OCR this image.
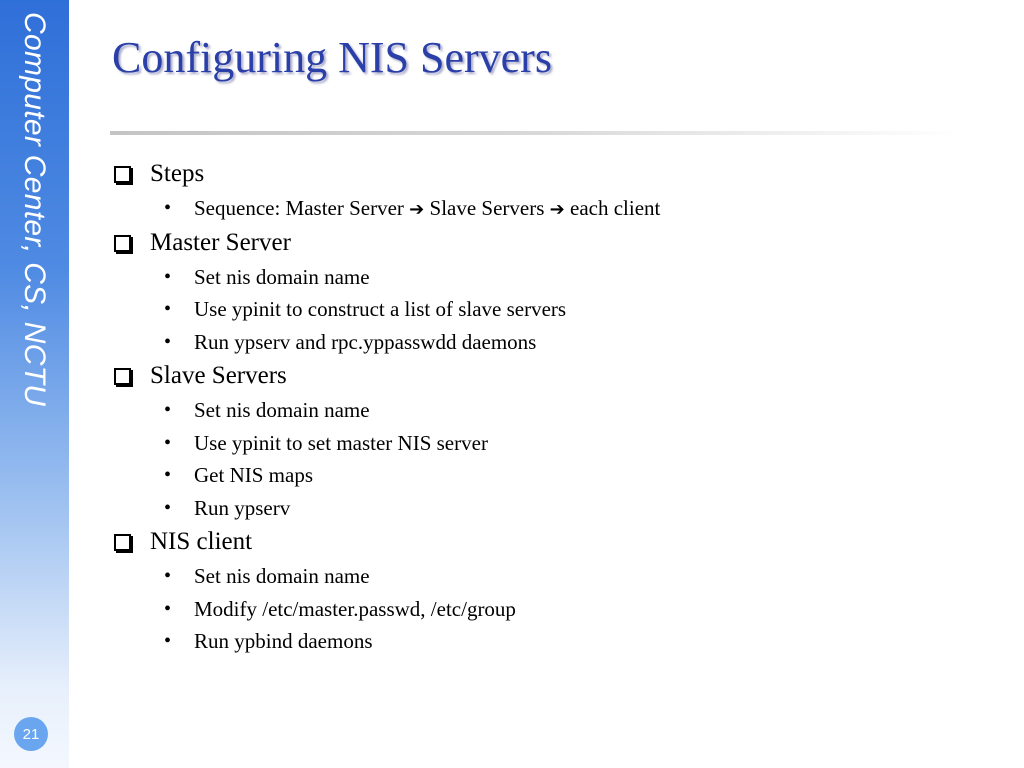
Computer Center, CS, NCTU
21
Configuring NIS Servers
Steps
• Sequence: Master Server ➔ Slave Servers ➔ each client
Master Server
• Set nis domain name
• Use ypinit to construct a list of slave servers
• Run ypserv and rpc.yppasswdd daemons
Slave Servers
• Set nis domain name
• Use ypinit to set master NIS server
• Get NIS maps
• Run ypserv
NIS client
• Set nis domain name
• Modify /etc/master.passwd, /etc/group
• Run ypbind daemons
